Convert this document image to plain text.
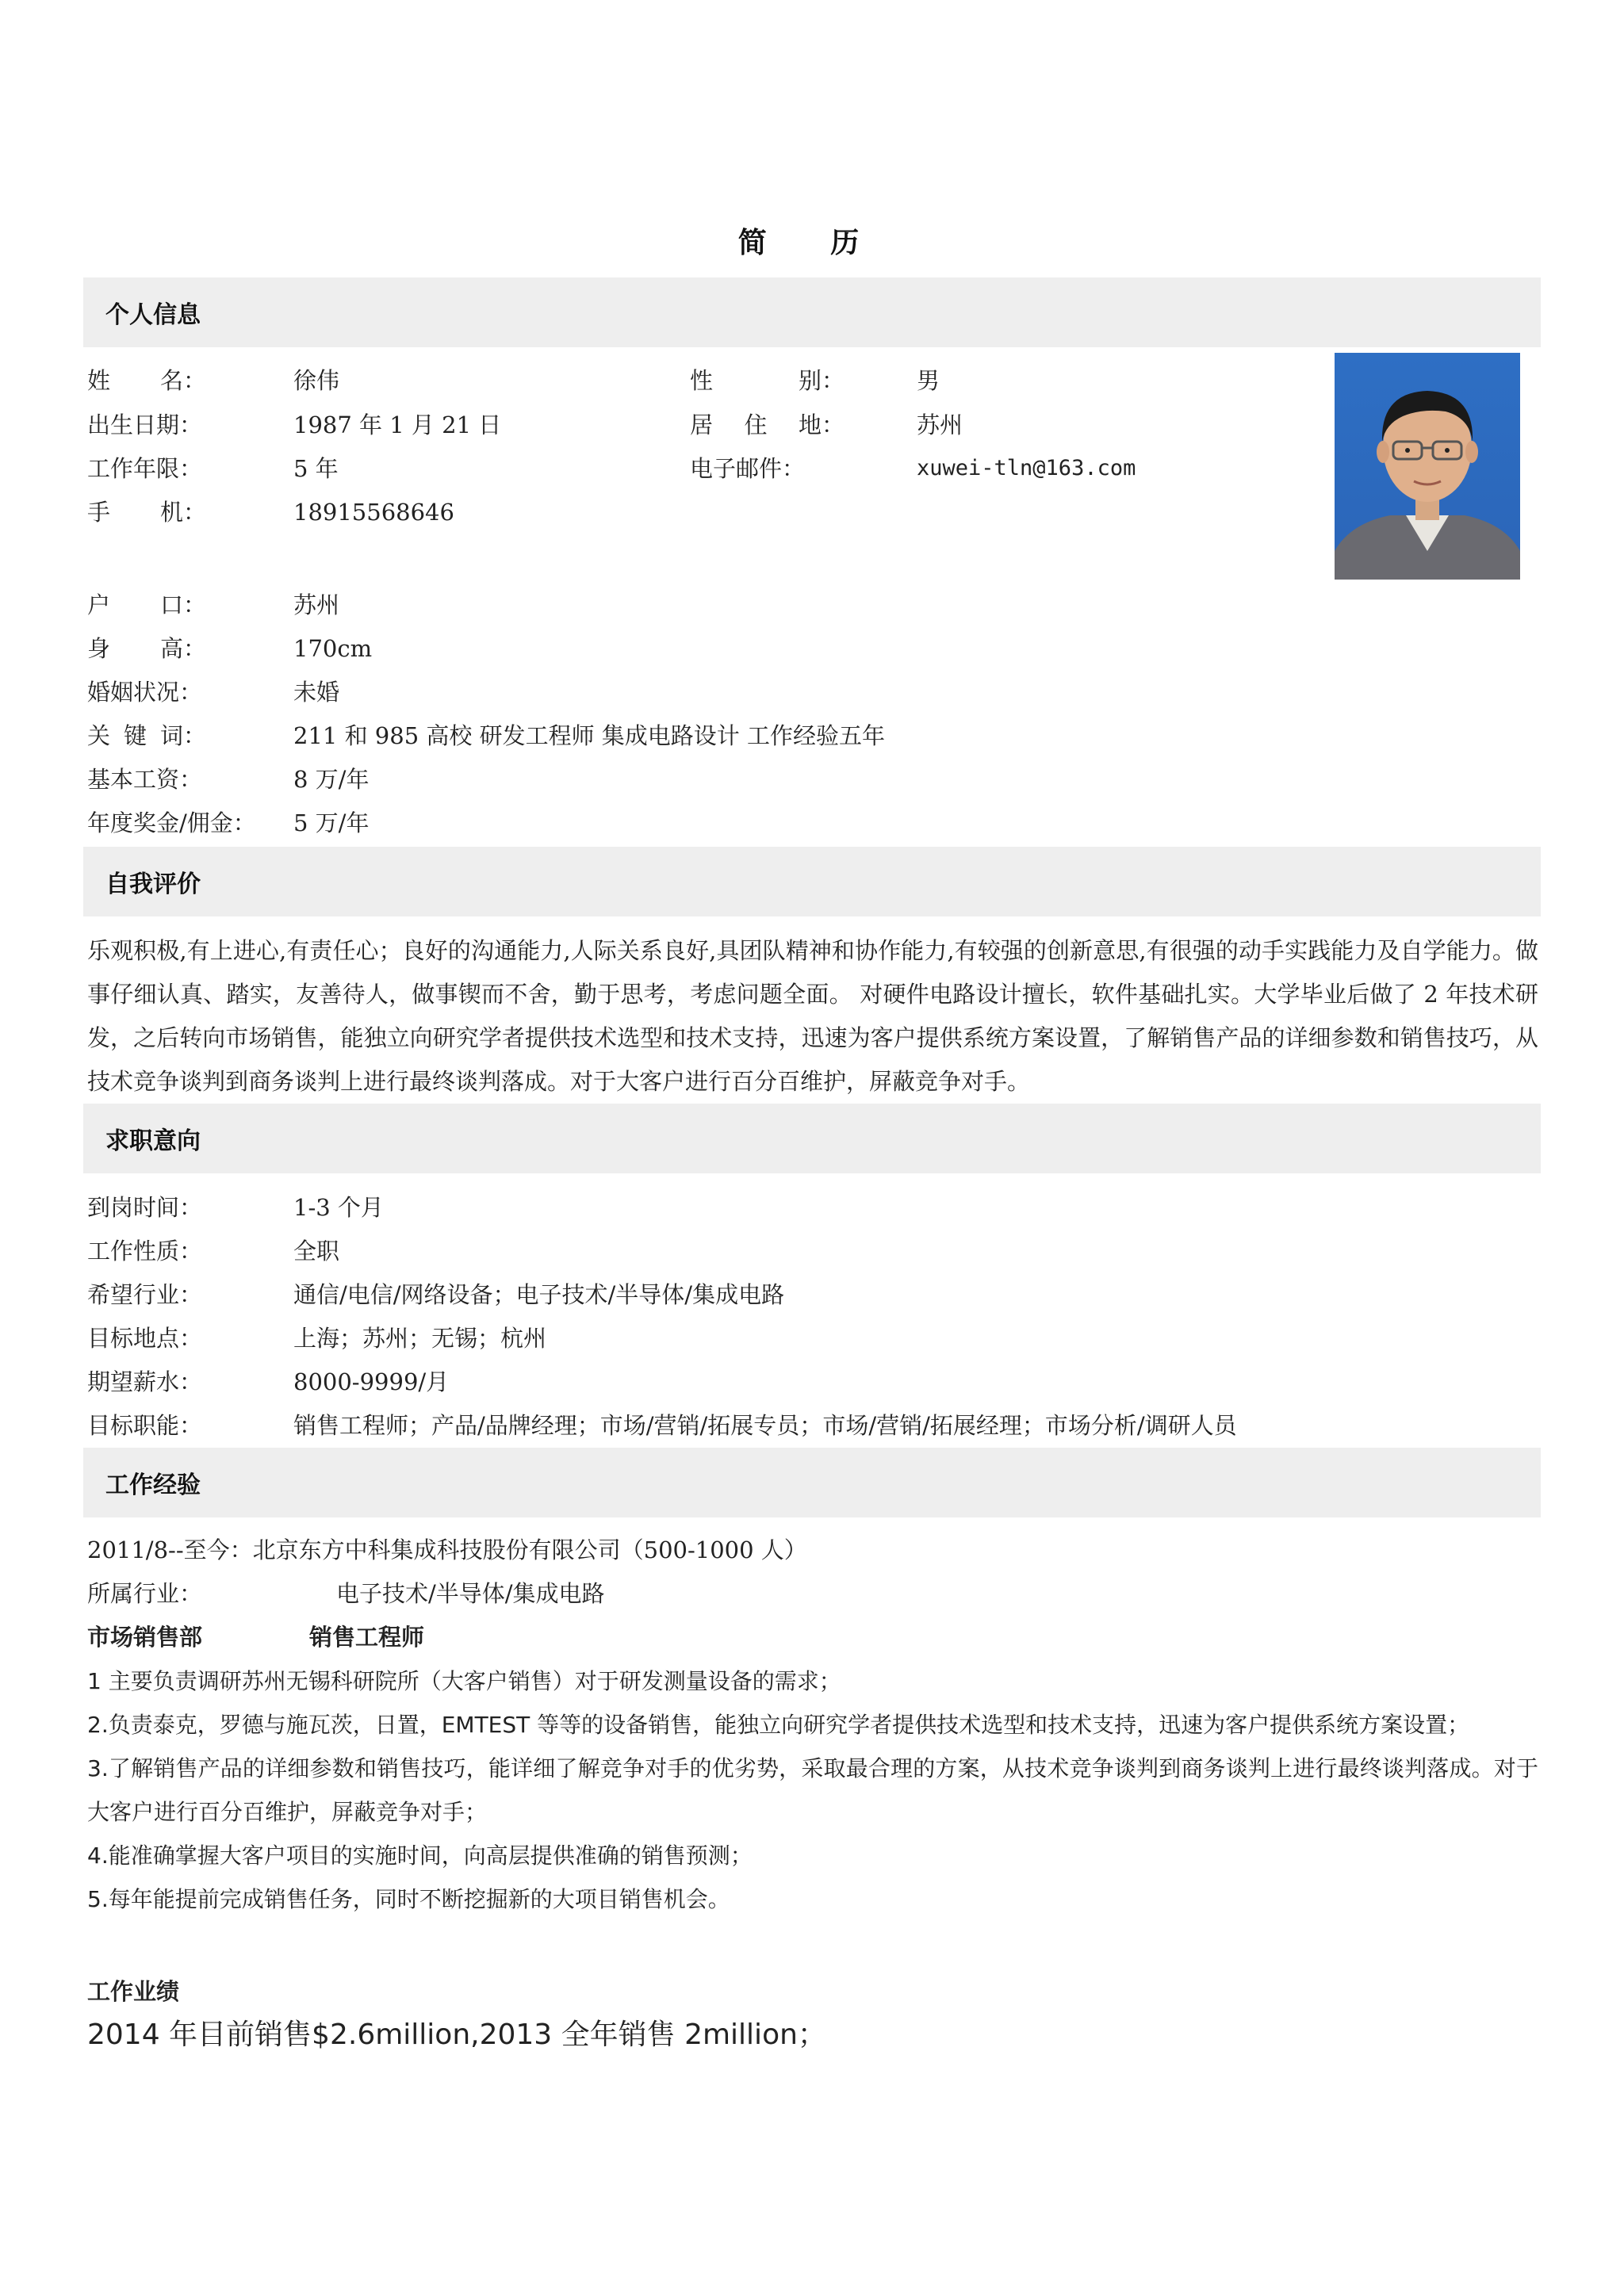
简 历
个人信息
姓 名：	徐伟	性	别：	男
出生日期：	1987 年 1 月 21 日	居 住 地：	苏州
工作年限：	5 年	电子邮件：	xuwei-tln@163.com
手 机：	18915568646
户 口：	苏州
身 高：	170cm
婚姻状况：	未婚
关 键 词：	211 和 985 高校 研发工程师 集成电路设计 工作经验五年
基本工资：	8 万/年
年度奖金/佣金： 5 万/年
自我评价
乐观积极,有上进心,有责任心；良好的沟通能力,人际关系良好,具团队精神和协作能力,有较强的创新意思,有很强的动手实践能力及自学能力。做事仔细认真、踏实，友善待人，做事锲而不舍，勤于思考，考虑问题全面。 对硬件电路设计擅长，软件基础扎实。大学毕业后做了 2 年技术研发，之后转向市场销售，能独立向研究学者提供技术选型和技术支持，迅速为客户提供系统方案设置，了解销售产品的详细参数和销售技巧，从技术竞争谈判到商务谈判上进行最终谈判落成。对于大客户进行百分百维护，屏蔽竞争对手。
求职意向
到岗时间：	1-3 个月
工作性质：	全职
希望行业：	通信/电信/网络设备；电子技术/半导体/集成电路
目标地点：	上海；苏州；无锡；杭州
期望薪水：	8000-9999/月
目标职能：	销售工程师；产品/品牌经理；市场/营销/拓展专员；市场/营销/拓展经理；市场分析/调研人员
工作经验
2011/8--至今：北京东方中科集成科技股份有限公司（500-1000 人）
所属行业：	电子技术/半导体/集成电路
市场销售部	销售工程师
1 主要负责调研苏州无锡科研院所（大客户销售）对于研发测量设备的需求；
2.负责泰克，罗德与施瓦茨，日置，EMTEST 等等的设备销售，能独立向研究学者提供技术选型和技术支持，迅速为客户提供系统方案设置；
3.了解销售产品的详细参数和销售技巧，能详细了解竞争对手的优劣势，采取最合理的方案，从技术竞争谈判到商务谈判上进行最终谈判落成。对于大客户进行百分百维护，屏蔽竞争对手；
4.能准确掌握大客户项目的实施时间，向高层提供准确的销售预测；
5.每年能提前完成销售任务，同时不断挖掘新的大项目销售机会。
工作业绩
2014 年目前销售$2.6million,2013 全年销售 2million；
